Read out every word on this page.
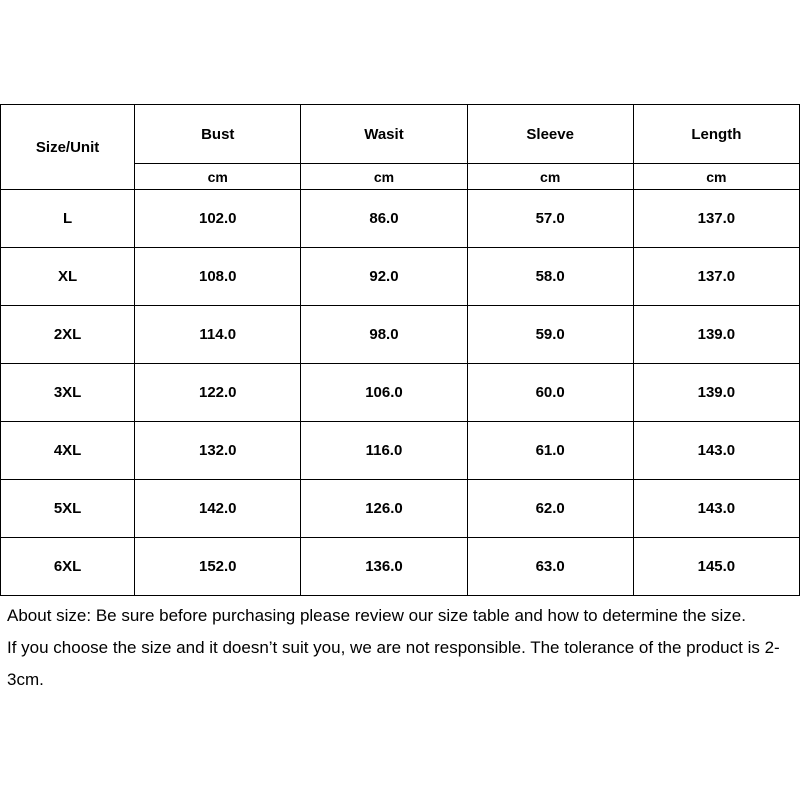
Size/Unit	Bust	Wasit	Sleeve	Length
	cm	cm	cm	cm
L	102.0	86.0	57.0	137.0
XL	108.0	92.0	58.0	137.0
2XL	114.0	98.0	59.0	139.0
3XL	122.0	106.0	60.0	139.0
4XL	132.0	116.0	61.0	143.0
5XL	142.0	126.0	62.0	143.0
6XL	152.0	136.0	63.0	145.0
About size: Be sure before purchasing please review our size table and how to determine the size.
If you choose the size and it doesn’t suit you, we are not responsible. The tolerance of the product is 2-3cm.
